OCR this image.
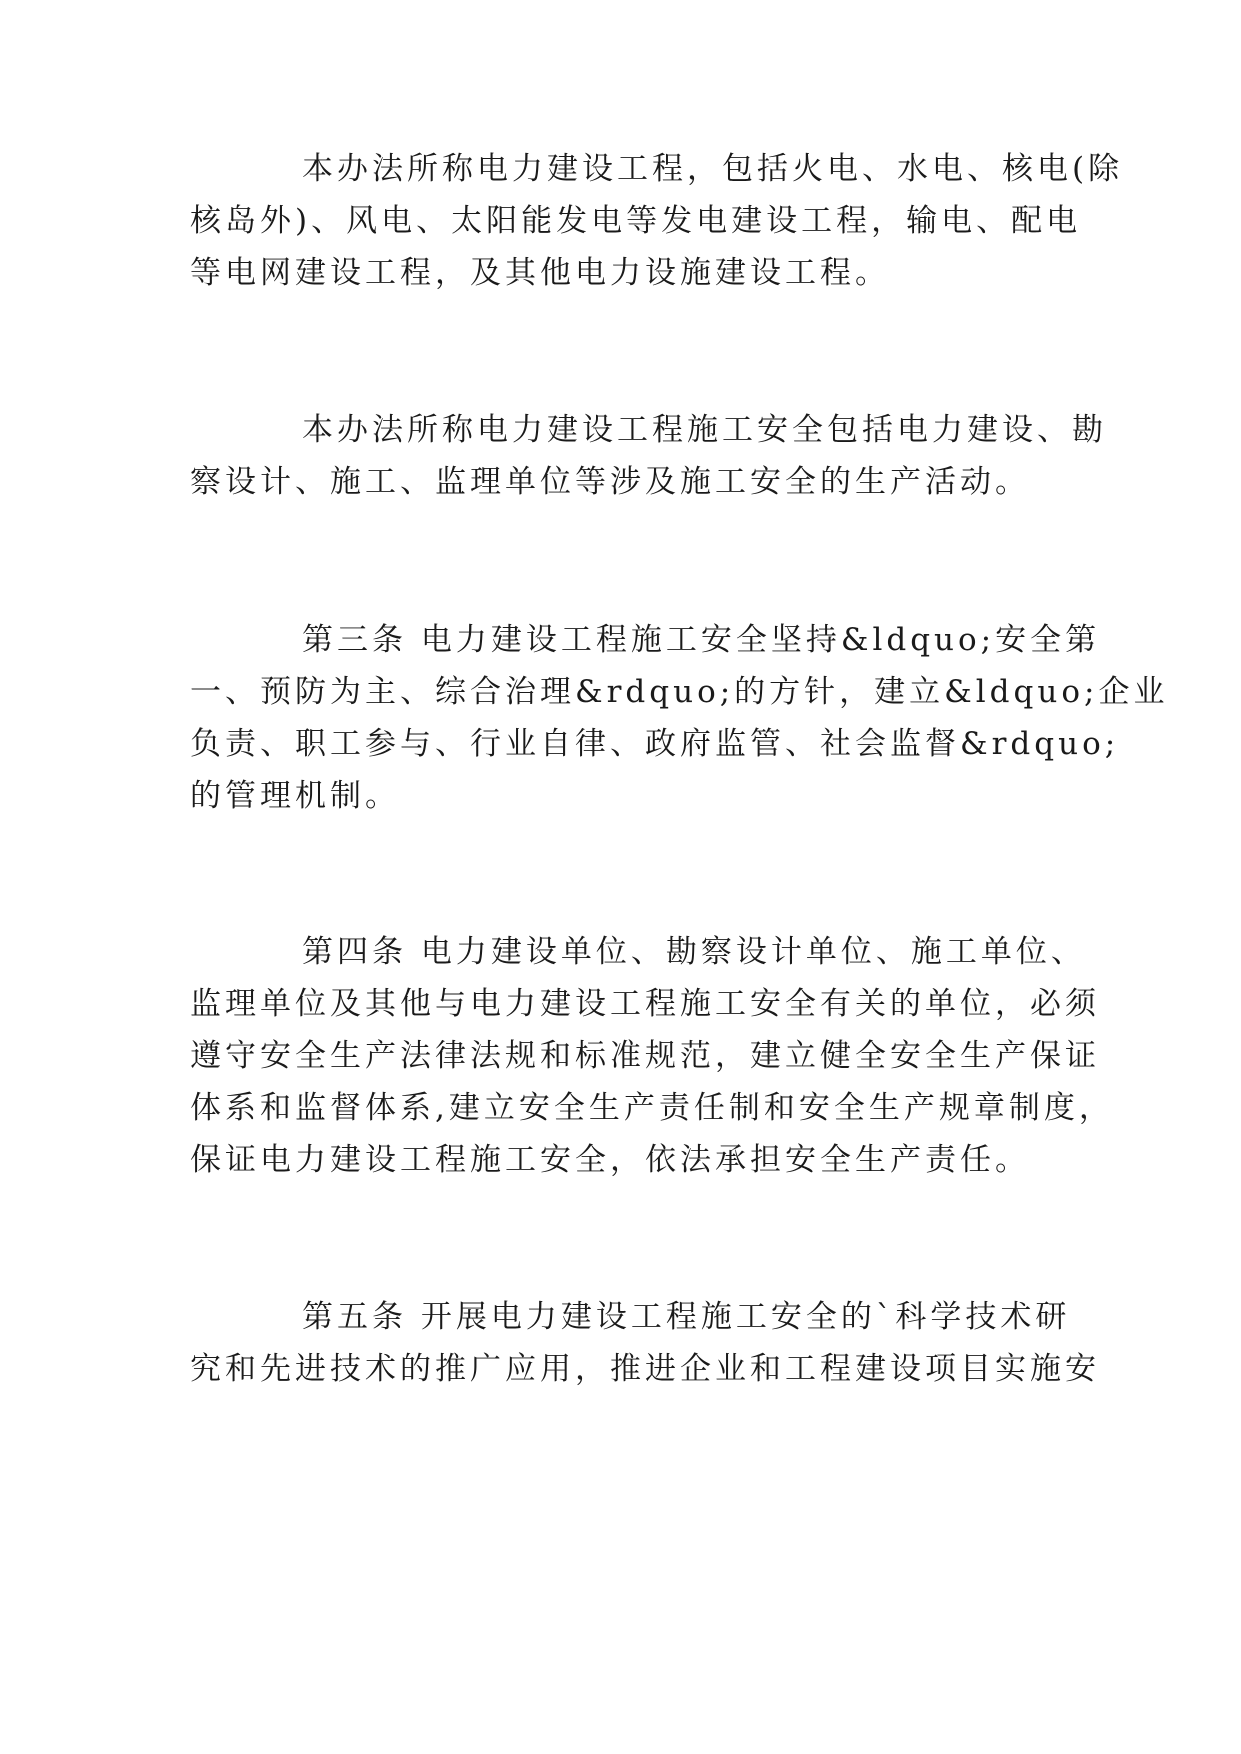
本办法所称电力建设工程，包括火电、水电、核电(除
核岛外)、风电、太阳能发电等发电建设工程，输电、配电
等电网建设工程，及其他电力设施建设工程。
本办法所称电力建设工程施工安全包括电力建设、勘
察设计、施工、监理单位等涉及施工安全的生产活动。
第三条 电力建设工程施工安全坚持&ldquo;安全第
一、预防为主、综合治理&rdquo;的方针，建立&ldquo;企业
负责、职工参与、行业自律、政府监管、社会监督&rdquo;
的管理机制。
第四条 电力建设单位、勘察设计单位、施工单位、
监理单位及其他与电力建设工程施工安全有关的单位，必须
遵守安全生产法律法规和标准规范，建立健全安全生产保证
体系和监督体系,建立安全生产责任制和安全生产规章制度，
保证电力建设工程施工安全，依法承担安全生产责任。
第五条 开展电力建设工程施工安全的`科学技术研
究和先进技术的推广应用，推进企业和工程建设项目实施安
